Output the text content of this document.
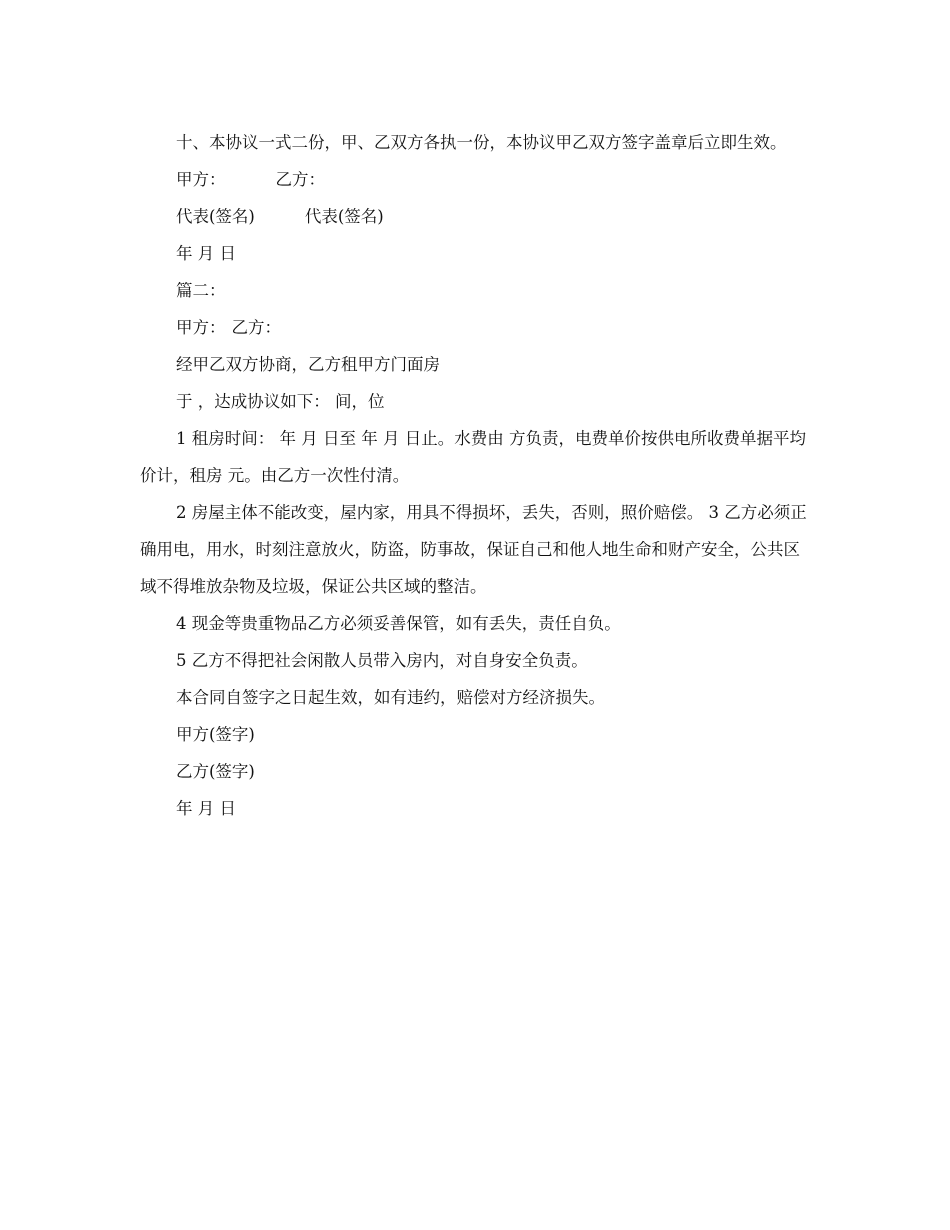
十、本协议一式二份，甲、乙双方各执一份，本协议甲乙双方签字盖章后立即生效。

甲方：	乙方：

代表(签名)	代表(签名)

年 月 日

篇二：

甲方： 乙方：

经甲乙双方协商，乙方租甲方门面房

于 ，达成协议如下： 间，位

1 租房时间： 年 月 日至 年 月 日止。水费由 方负责，电费单价按供电所收费单据平均价计，租房 元。由乙方一次性付清。

2 房屋主体不能改变，屋内家，用具不得损坏，丢失，否则，照价赔偿。 3 乙方必须正确用电，用水，时刻注意放火，防盗，防事故，保证自己和他人地生命和财产安全，公共区域不得堆放杂物及垃圾，保证公共区域的整洁。

4 现金等贵重物品乙方必须妥善保管，如有丢失，责任自负。

5 乙方不得把社会闲散人员带入房内，对自身安全负责。

本合同自签字之日起生效，如有违约，赔偿对方经济损失。

甲方(签字)

乙方(签字)

年 月 日
